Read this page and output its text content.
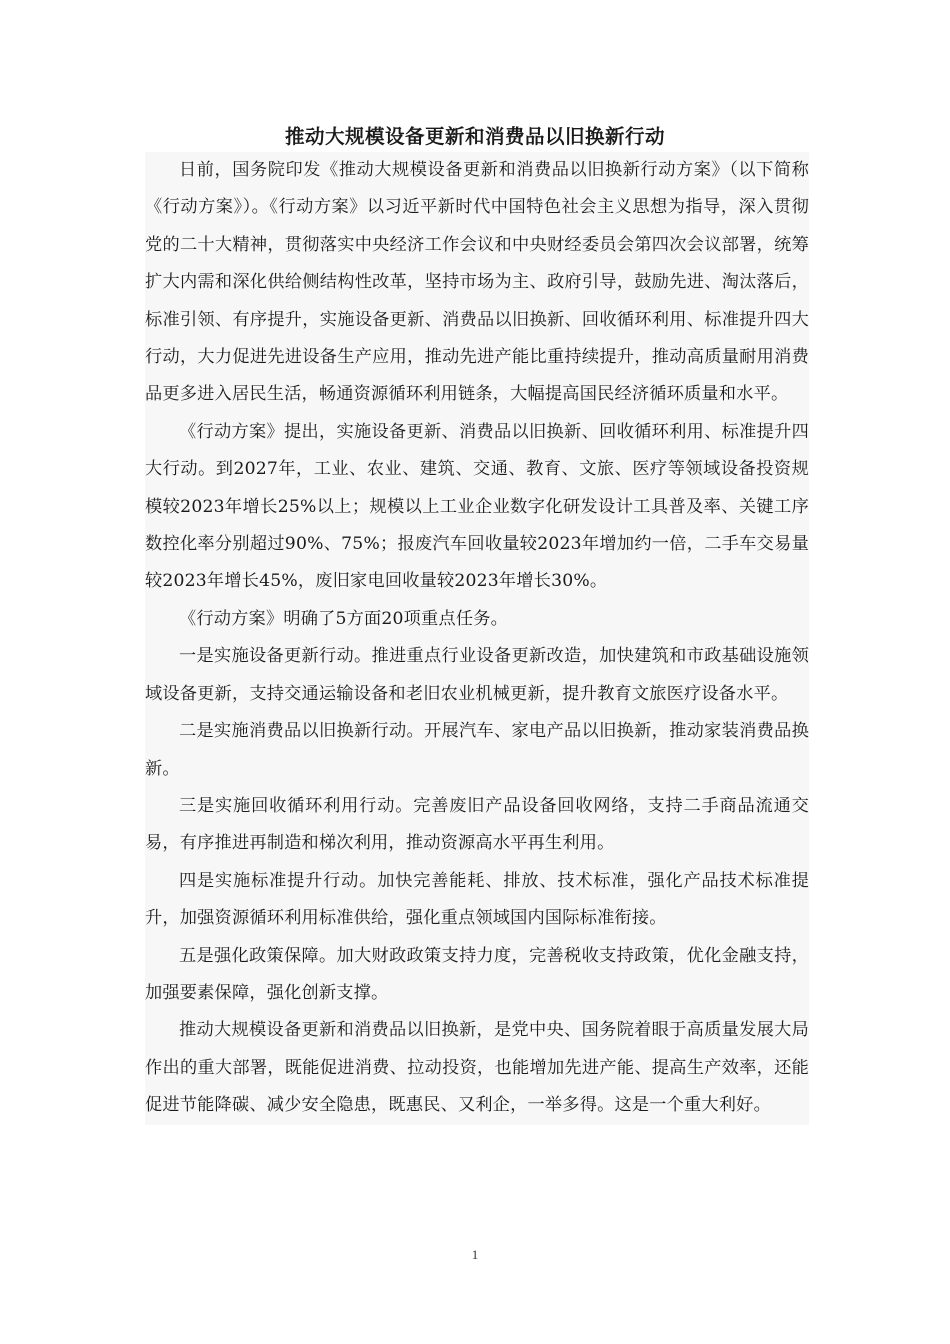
推动大规模设备更新和消费品以旧换新行动

日前，国务院印发《推动大规模设备更新和消费品以旧换新行动方案》（以下简称《行动方案》）。《行动方案》以习近平新时代中国特色社会主义思想为指导，深入贯彻党的二十大精神，贯彻落实中央经济工作会议和中央财经委员会第四次会议部署，统筹扩大内需和深化供给侧结构性改革，坚持市场为主、政府引导，鼓励先进、淘汰落后，标准引领、有序提升，实施设备更新、消费品以旧换新、回收循环利用、标准提升四大行动，大力促进先进设备生产应用，推动先进产能比重持续提升，推动高质量耐用消费品更多进入居民生活，畅通资源循环利用链条，大幅提高国民经济循环质量和水平。

《行动方案》提出，实施设备更新、消费品以旧换新、回收循环利用、标准提升四大行动。到2027年，工业、农业、建筑、交通、教育、文旅、医疗等领域设备投资规模较2023年增长25%以上；规模以上工业企业数字化研发设计工具普及率、关键工序数控化率分别超过90%、75%；报废汽车回收量较2023年增加约一倍，二手车交易量较2023年增长45%，废旧家电回收量较2023年增长30%。

《行动方案》明确了5方面20项重点任务。

一是实施设备更新行动。推进重点行业设备更新改造，加快建筑和市政基础设施领域设备更新，支持交通运输设备和老旧农业机械更新，提升教育文旅医疗设备水平。

二是实施消费品以旧换新行动。开展汽车、家电产品以旧换新，推动家装消费品换新。

三是实施回收循环利用行动。完善废旧产品设备回收网络，支持二手商品流通交易，有序推进再制造和梯次利用，推动资源高水平再生利用。

四是实施标准提升行动。加快完善能耗、排放、技术标准，强化产品技术标准提升，加强资源循环利用标准供给，强化重点领域国内国际标准衔接。

五是强化政策保障。加大财政政策支持力度，完善税收支持政策，优化金融支持，加强要素保障，强化创新支撑。

推动大规模设备更新和消费品以旧换新，是党中央、国务院着眼于高质量发展大局作出的重大部署，既能促进消费、拉动投资，也能增加先进产能、提高生产效率，还能促进节能降碳、减少安全隐患，既惠民、又利企，一举多得。这是一个重大利好。

1
